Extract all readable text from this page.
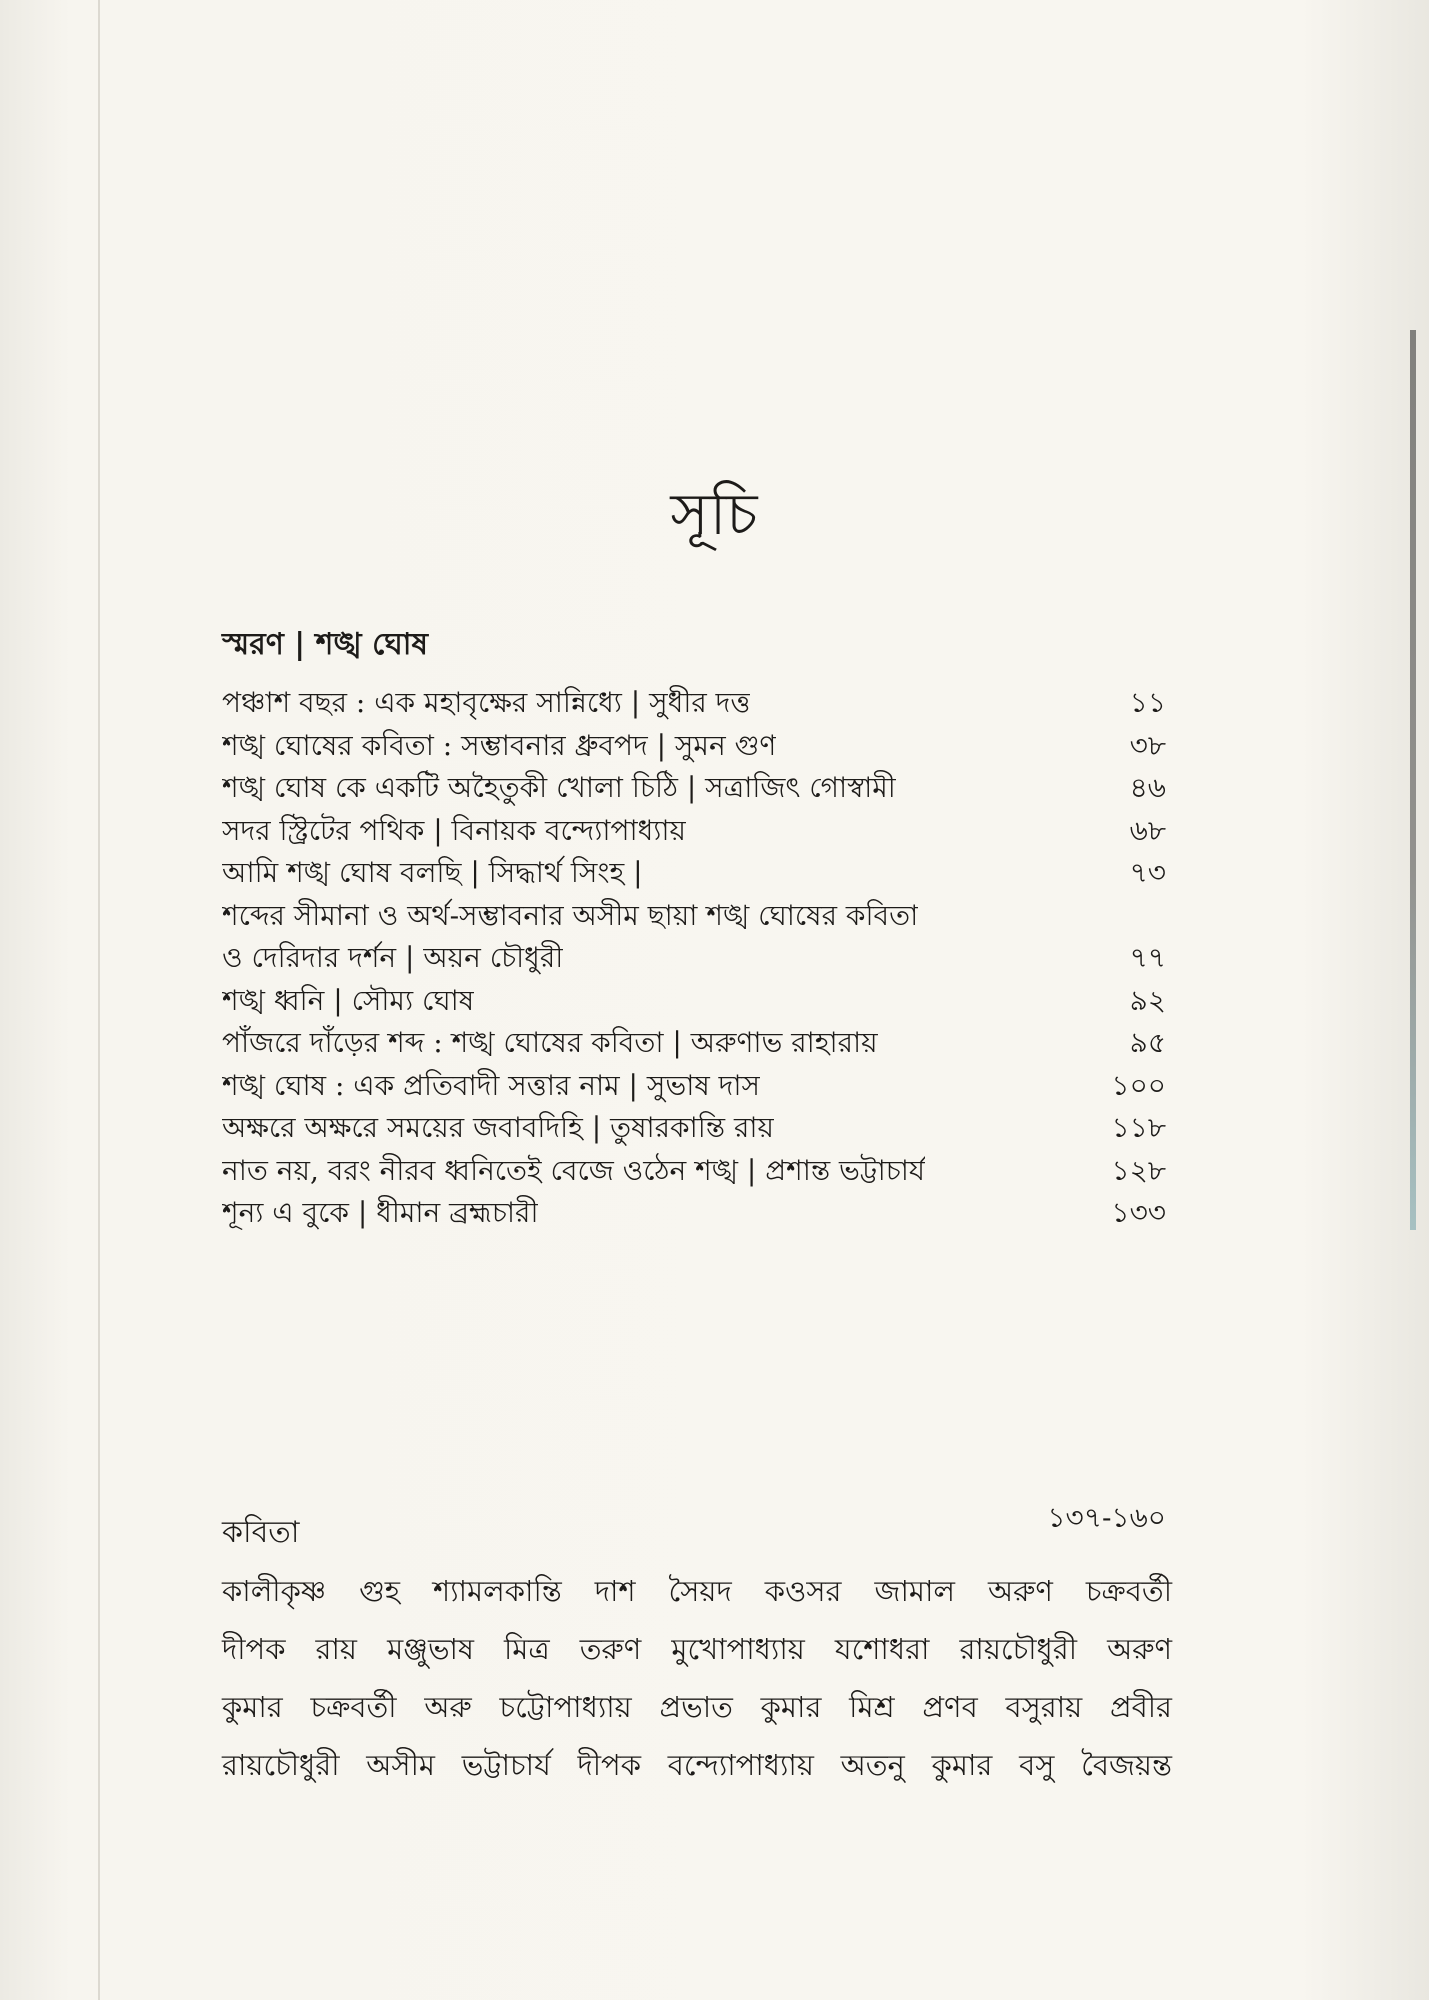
সূচি
স্মরণ | শঙ্খ ঘোষ
পঞ্চাশ বছর : এক মহাবৃক্ষের সান্নিধ্যে | সুধীর দত্ত	১১
শঙ্খ ঘোষের কবিতা : সম্ভাবনার ধ্রুবপদ | সুমন গুণ	৩৮
শঙ্খ ঘোষ কে একটি অহৈতুকী খোলা চিঠি | সত্রাজিৎ গোস্বামী	৪৬
সদর স্ট্রিটের পথিক | বিনায়ক বন্দ্যোপাধ্যায়	৬৮
আমি শঙ্খ ঘোষ বলছি | সিদ্ধার্থ সিংহ |	৭৩
শব্দের সীমানা ও অর্থ-সম্ভাবনার অসীম ছায়া শঙ্খ ঘোষের কবিতা
ও দেরিদার দর্শন | অয়ন চৌধুরী	৭৭
শঙ্খ ধ্বনি | সৌম্য ঘোষ	৯২
পাঁজরে দাঁড়ের শব্দ : শঙ্খ ঘোষের কবিতা | অরুণাভ রাহারায়	৯৫
শঙ্খ ঘোষ : এক প্রতিবাদী সত্তার নাম | সুভাষ দাস	১০০
অক্ষরে অক্ষরে সময়ের জবাবদিহি | তুষারকান্তি রায়	১১৮
নাত নয়, বরং নীরব ধ্বনিতেই বেজে ওঠেন শঙ্খ | প্রশান্ত ভট্টাচার্য	১২৮
শূন্য এ বুকে | ধীমান ব্রহ্মচারী	১৩৩
কবিতা	১৩৭-১৬০
কালীকৃষ্ণ গুহ শ্যামলকান্তি দাশ সৈয়দ কওসর জামাল অরুণ চক্রবর্তী
দীপক রায় মঞ্জুভাষ মিত্র তরুণ মুখোপাধ্যায় যশোধরা রায়চৌধুরী অরুণ
কুমার চক্রবর্তী অরু চট্টোপাধ্যায় প্রভাত কুমার মিশ্র প্রণব বসুরায় প্রবীর
রায়চৌধুরী অসীম ভট্টাচার্য দীপক বন্দ্যোপাধ্যায় অতনু কুমার বসু বৈজয়ন্ত
